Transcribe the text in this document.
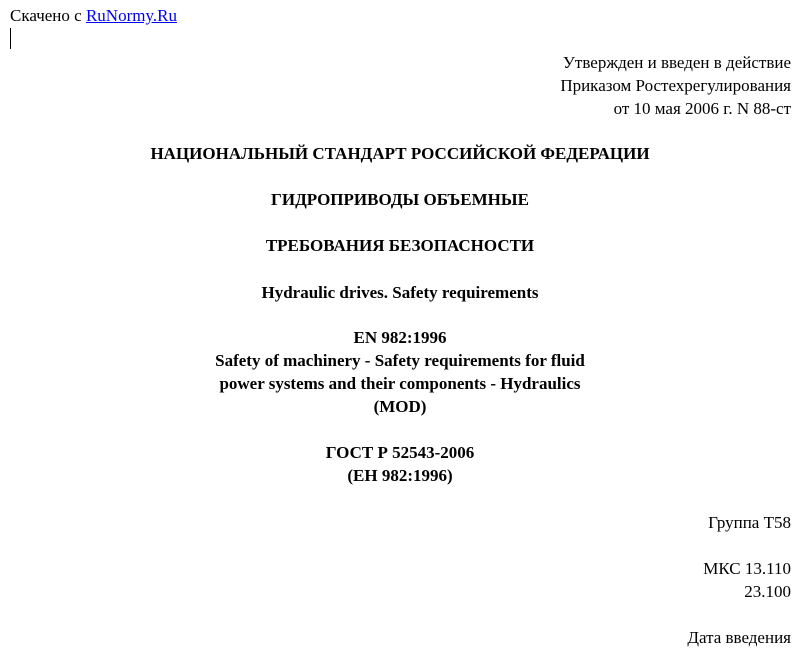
Скачено с RuNormy.Ru
Утвержден и введен в действие
Приказом Ростехрегулирования
от 10 мая 2006 г. N 88-ст
НАЦИОНАЛЬНЫЙ СТАНДАРТ РОССИЙСКОЙ ФЕДЕРАЦИИ
ГИДРОПРИВОДЫ ОБЪЕМНЫЕ
ТРЕБОВАНИЯ БЕЗОПАСНОСТИ
Hydraulic drives. Safety requirements
EN 982:1996
Safety of machinery - Safety requirements for fluid
power systems and their components - Hydraulics
(MOD)
ГОСТ Р 52543-2006
(ЕН 982:1996)
Группа Т58
МКС 13.110
23.100
Дата введения
